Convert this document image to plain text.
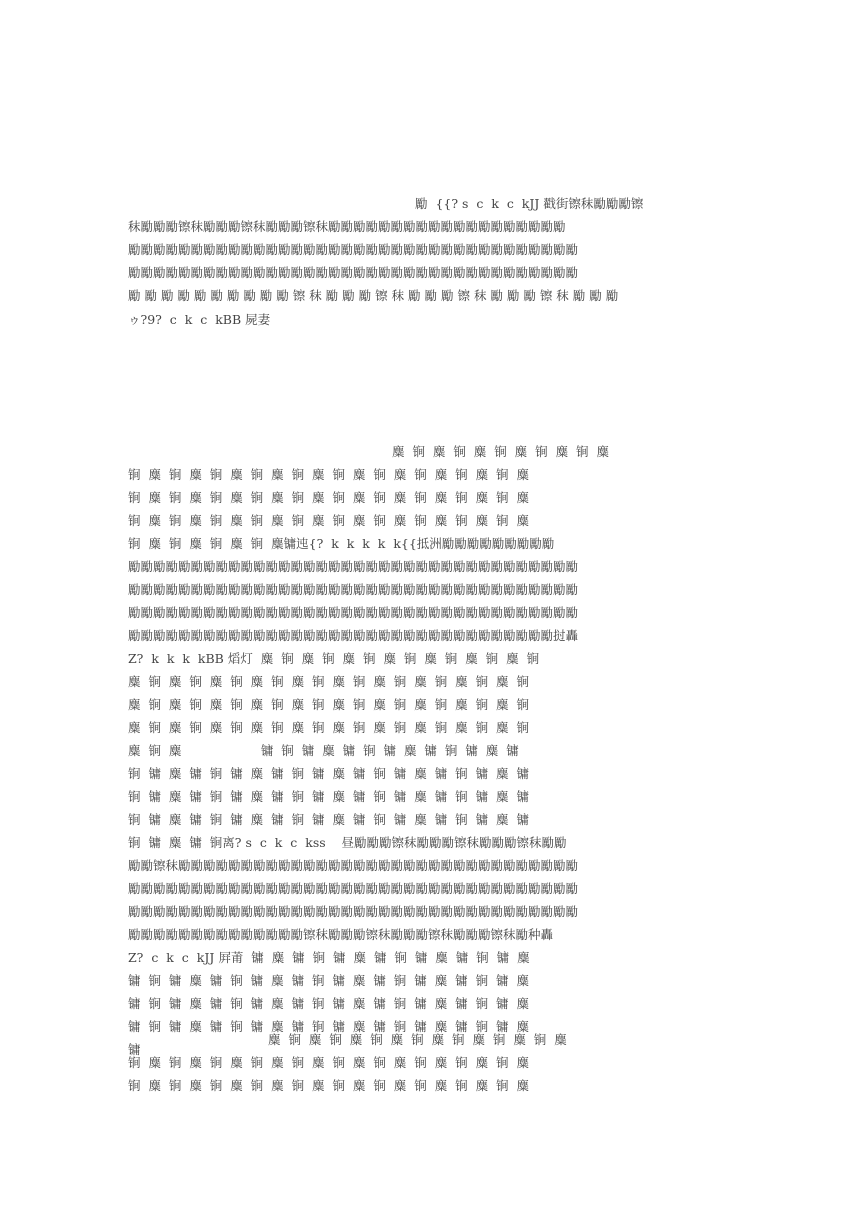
勵  {{? s  c  k  c  kJJ 戳街镲秣勵勵勵镲
秣勵勵勵镲秣勵勵勵镲秣勵勵勵镲秣勵勵勵勵勵勵勵勵勵勵勵勵勵勵勵勵勵勵勵
勵勵勵勵勵勵勵勵勵勵勵勵勵勵勵勵勵勵勵勵勵勵勵勵勵勵勵勵勵勵勵勵勵勵勵勵
勵勵勵勵勵勵勵勵勵勵勵勵勵勵勵勵勵勵勵勵勵勵勵勵勵勵勵勵勵勵勵勵勵勵勵勵
勵 勵 勵 勵 勵 勵 勵 勵 勵 勵 镲 秣 勵 勵 勵 镲 秣 勵 勵 勵 镲 秣 勵 勵 勵 镲 秣 勵 勵 勵
ゥ?9?  c  k  c  kBB 屍妻
麋  锏  麋  锏  麋  锏  麋  锏  麋  锏  麋
锏  麋  锏  麋  锏  麋  锏  麋  锏  麋  锏  麋  锏  麋  锏  麋  锏  麋  锏  麋
锏  麋  锏  麋  锏  麋  锏  麋  锏  麋  锏  麋  锏  麋  锏  麋  锏  麋  锏  麋
锏  麋  锏  麋  锏  麋  锏  麋  锏  麋  锏  麋  锏  麋  锏  麋  锏  麋  锏  麋
锏  麋  锏  麋  锏  麋  锏  麋镛迍{?  k  k  k  k  k{{抵洲勵勵勵勵勵勵勵勵勵
勵勵勵勵勵勵勵勵勵勵勵勵勵勵勵勵勵勵勵勵勵勵勵勵勵勵勵勵勵勵勵勵勵勵勵勵
勵勵勵勵勵勵勵勵勵勵勵勵勵勵勵勵勵勵勵勵勵勵勵勵勵勵勵勵勵勵勵勵勵勵勵勵
勵勵勵勵勵勵勵勵勵勵勵勵勵勵勵勵勵勵勵勵勵勵勵勵勵勵勵勵勵勵勵勵勵勵勵勵
勵勵勵勵勵勵勵勵勵勵勵勵勵勵勵勵勵勵勵勵勵勵勵勵勵勵勵勵勵勵勵勵勵勵挝轟
Z?  k  k  k  kBB 熖灯  麋  锏  麋  锏  麋  锏  麋  锏  麋  锏  麋  锏  麋  锏
麋  锏  麋  锏  麋  锏  麋  锏  麋  锏  麋  锏  麋  锏  麋  锏  麋  锏  麋  锏
麋  锏  麋  锏  麋  锏  麋  锏  麋  锏  麋  锏  麋  锏  麋  锏  麋  锏  麋  锏
麋  锏  麋  锏  麋  锏  麋  锏  麋  锏  麋  锏  麋  锏  麋  锏  麋  锏  麋  锏
麋  锏  麋                    镛  锏  镛  麋  镛  锏  镛  麋  镛  锏  镛  麋  镛
锏  镛  麋  镛  锏  镛  麋  镛  锏  镛  麋  镛  锏  镛  麋  镛  锏  镛  麋  镛
锏  镛  麋  镛  锏  镛  麋  镛  锏  镛  麋  镛  锏  镛  麋  镛  锏  镛  麋  镛
锏  镛  麋  镛  锏  镛  麋  镛  锏  镛  麋  镛  锏  镛  麋  镛  锏  镛  麋  镛
锏  镛  麋  镛  锏离? s  c  k  c  kss    昼勵勵勵镲秣勵勵勵镲秣勵勵勵镲秣勵勵
勵勵镲秣勵勵勵勵勵勵勵勵勵勵勵勵勵勵勵勵勵勵勵勵勵勵勵勵勵勵勵勵勵勵勵勵
勵勵勵勵勵勵勵勵勵勵勵勵勵勵勵勵勵勵勵勵勵勵勵勵勵勵勵勵勵勵勵勵勵勵勵勵
勵勵勵勵勵勵勵勵勵勵勵勵勵勵勵勵勵勵勵勵勵勵勵勵勵勵勵勵勵勵勵勵勵勵勵勵
勵勵勵勵勵勵勵勵勵勵勵勵勵勵镲秣勵勵勵镲秣勵勵勵镲秣勵勵勵镲秣勵种轟
Z?  c  k  c  kJJ 屛莆  镛  麋  镛  锏  镛  麋  镛  锏  镛  麋  镛  锏  镛  麋
镛  锏  镛  麋  镛  锏  镛  麋  镛  锏  镛  麋  镛  锏  镛  麋  镛  锏  镛  麋
镛  锏  镛  麋  镛  锏  镛  麋  镛  锏  镛  麋  镛  锏  镛  麋  镛  锏  镛  麋
镛  锏  镛  麋  镛  锏  镛  麋  镛  锏  镛  麋  镛  锏  镛  麋  镛  锏  镛  麋
镛
麋  锏  麋  锏  麋  锏  麋  锏  麋  锏  麋  锏  麋  锏  麋
锏  麋  锏  麋  锏  麋  锏  麋  锏  麋  锏  麋  锏  麋  锏  麋  锏  麋  锏  麋
锏  麋  锏  麋  锏  麋  锏  麋  锏  麋  锏  麋  锏  麋  锏  麋  锏  麋  锏  麋
